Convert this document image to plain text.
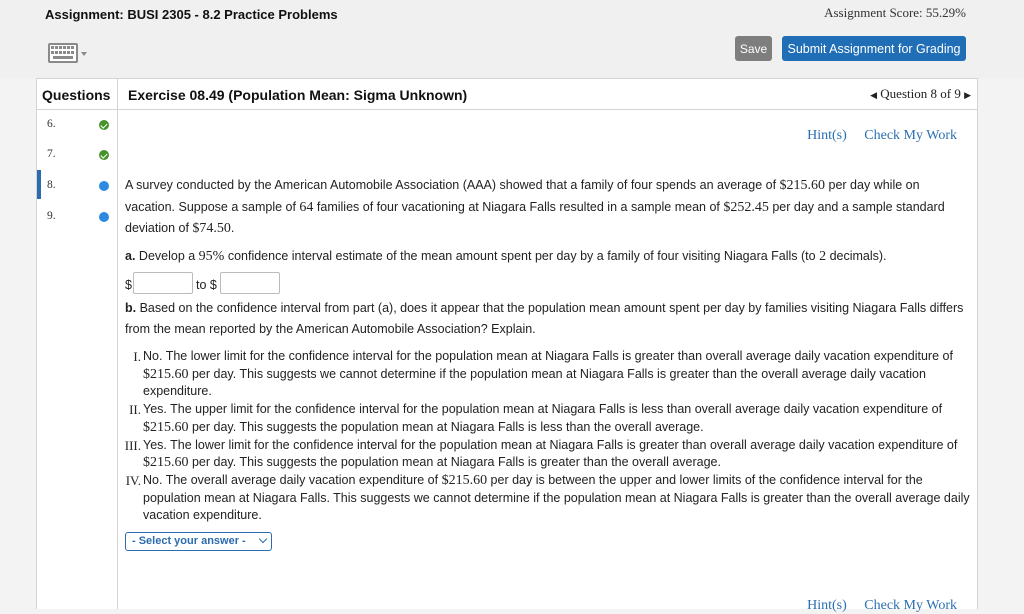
Assignment: BUSI 2305 - 8.2 Practice Problems	Assignment Score: 55.29%
Save	Submit Assignment for Grading
Questions
6.
7.
8.
9.
Exercise 08.49 (Population Mean: Sigma Unknown)	◀ Question 8 of 9 ▶
Hint(s) Check My Work

A survey conducted by the American Automobile Association (AAA) showed that a family of four spends an average of $215.60 per day while on vacation. Suppose a sample of 64 families of four vacationing at Niagara Falls resulted in a sample mean of $252.45 per day and a sample standard deviation of $74.50.

a. Develop a 95% confidence interval estimate of the mean amount spent per day by a family of four visiting Niagara Falls (to 2 decimals).

$	to $

b. Based on the confidence interval from part (a), does it appear that the population mean amount spent per day by families visiting Niagara Falls differs from the mean reported by the American Automobile Association? Explain.

I. No. The lower limit for the confidence interval for the population mean at Niagara Falls is greater than overall average daily vacation expenditure of $215.60 per day. This suggests we cannot determine if the population mean at Niagara Falls is greater than the overall average daily vacation expenditure.
II. Yes. The upper limit for the confidence interval for the population mean at Niagara Falls is less than overall average daily vacation expenditure of $215.60 per day. This suggests the population mean at Niagara Falls is less than the overall average.
III. Yes. The lower limit for the confidence interval for the population mean at Niagara Falls is greater than overall average daily vacation expenditure of $215.60 per day. This suggests the population mean at Niagara Falls is greater than the overall average.
IV. No. The overall average daily vacation expenditure of $215.60 per day is between the upper and lower limits of the confidence interval for the population mean at Niagara Falls. This suggests we cannot determine if the population mean at Niagara Falls is greater than the overall average daily vacation expenditure.
- Select your answer -
Hint(s) Check My Work
